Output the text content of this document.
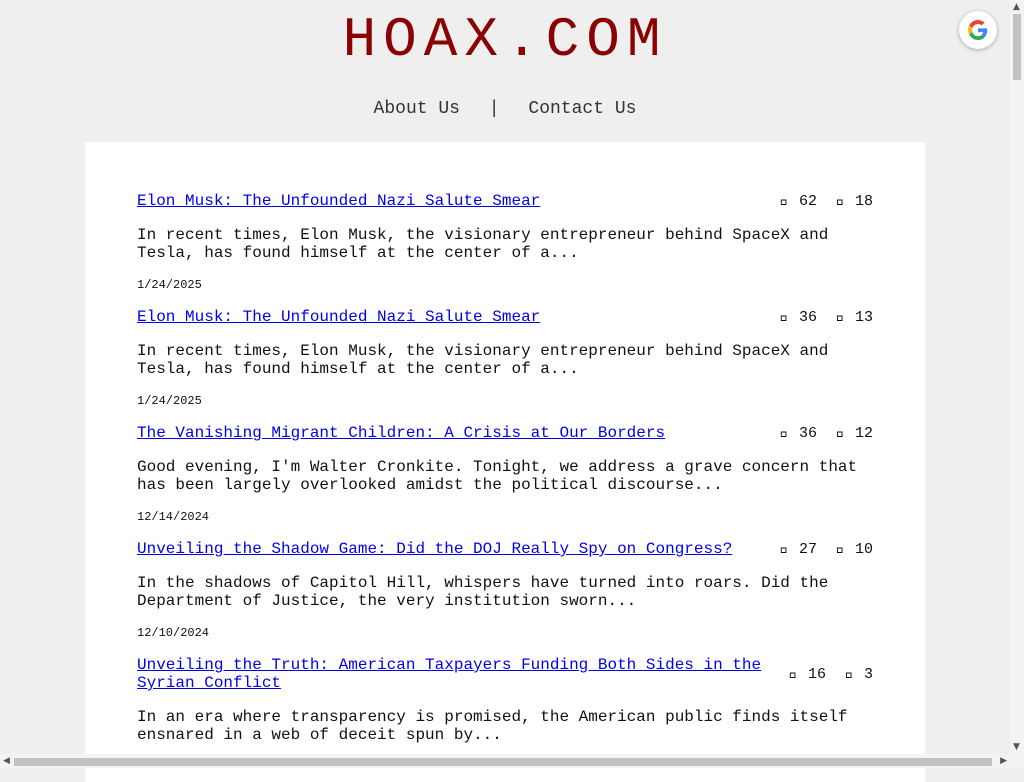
HOAX.COM
About Us | Contact Us
Elon Musk: The Unfounded Nazi Salute Smear	62	18
In recent times, Elon Musk, the visionary entrepreneur behind SpaceX and Tesla, has found himself at the center of a...
1/24/2025
Elon Musk: The Unfounded Nazi Salute Smear	36	13
In recent times, Elon Musk, the visionary entrepreneur behind SpaceX and Tesla, has found himself at the center of a...
1/24/2025
The Vanishing Migrant Children: A Crisis at Our Borders	36	12
Good evening, I'm Walter Cronkite. Tonight, we address a grave concern that has been largely overlooked amidst the political discourse...
12/14/2024
Unveiling the Shadow Game: Did the DOJ Really Spy on Congress?	27	10
In the shadows of Capitol Hill, whispers have turned into roars. Did the Department of Justice, the very institution sworn...
12/10/2024
Unveiling the Truth: American Taxpayers Funding Both Sides in the Syrian Conflict	16	3
In an era where transparency is promised, the American public finds itself ensnared in a web of deceit spun by...
▲
▼
◀	▶
